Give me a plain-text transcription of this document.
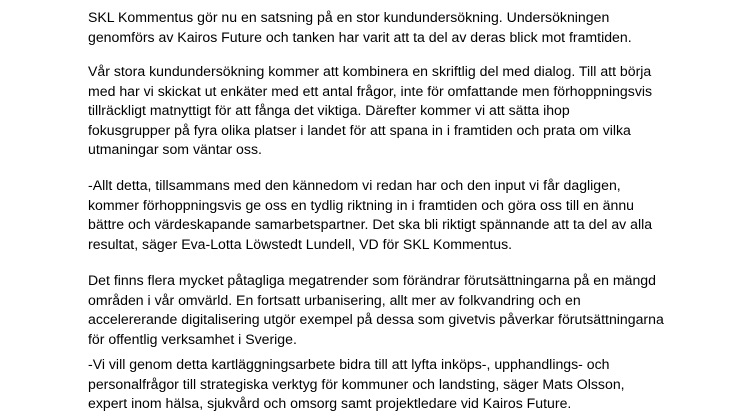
SKL Kommentus gör nu en satsning på en stor kundundersökning. Undersökningen
genomförs av Kairos Future och tanken har varit att ta del av deras blick mot framtiden.

Vår stora kundundersökning kommer att kombinera en skriftlig del med dialog. Till att börja
med har vi skickat ut enkäter med ett antal frågor, inte för omfattande men förhoppningsvis
tillräckligt matnyttigt för att fånga det viktiga. Därefter kommer vi att sätta ihop
fokusgrupper på fyra olika platser i landet för att spana in i framtiden och prata om vilka
utmaningar som väntar oss.

-Allt detta, tillsammans med den kännedom vi redan har och den input vi får dagligen,
kommer förhoppningsvis ge oss en tydlig riktning in i framtiden och göra oss till en ännu
bättre och värdeskapande samarbetspartner. Det ska bli riktigt spännande att ta del av alla
resultat, säger Eva-Lotta Löwstedt Lundell, VD för SKL Kommentus.

Det finns flera mycket påtagliga megatrender som förändrar förutsättningarna på en mängd
områden i vår omvärld. En fortsatt urbanisering, allt mer av folkvandring och en
accelererande digitalisering utgör exempel på dessa som givetvis påverkar förutsättningarna
för offentlig verksamhet i Sverige.

-Vi vill genom detta kartläggningsarbete bidra till att lyfta inköps-, upphandlings- och
personalfrågor till strategiska verktyg för kommuner och landsting, säger Mats Olsson,
expert inom hälsa, sjukvård och omsorg samt projektledare vid Kairos Future.
